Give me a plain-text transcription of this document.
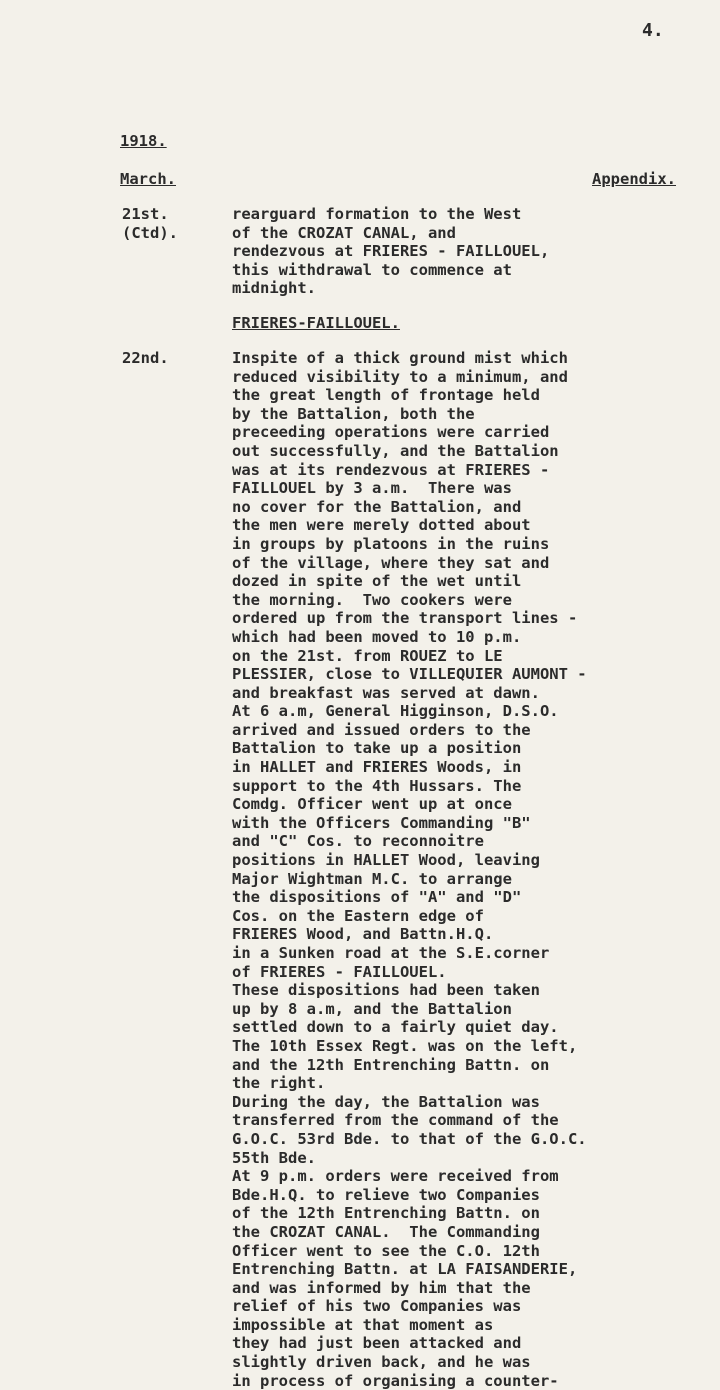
4.
1918.
March.	Appendix.
21st.
(Ctd).
rearguard formation to the West
of the CROZAT CANAL, and
rendezvous at FRIERES - FAILLOUEL,
this withdrawal to commence at
midnight.
FRIERES-FAILLOUEL.
22nd.	Inspite of a thick ground mist which
reduced visibility to a minimum, and
the great length of frontage held
by the Battalion, both the
preceeding operations were carried
out successfully, and the Battalion
was at its rendezvous at FRIERES -
FAILLOUEL by 3 a.m.  There was
no cover for the Battalion, and
the men were merely dotted about
in groups by platoons in the ruins
of the village, where they sat and
dozed in spite of the wet until
the morning.  Two cookers were
ordered up from the transport lines -
which had been moved to 10 p.m.
on the 21st. from ROUEZ to LE
PLESSIER, close to VILLEQUIER AUMONT -
and breakfast was served at dawn.
At 6 a.m, General Higginson, D.S.O.
arrived and issued orders to the
Battalion to take up a position
in HALLET and FRIERES Woods, in
support to the 4th Hussars. The
Comdg. Officer went up at once
with the Officers Commanding "B"
and "C" Cos. to reconnoitre
positions in HALLET Wood, leaving
Major Wightman M.C. to arrange
the dispositions of "A" and "D"
Cos. on the Eastern edge of
FRIERES Wood, and Battn.H.Q.
in a Sunken road at the S.E.corner
of FRIERES - FAILLOUEL.
These dispositions had been taken
up by 8 a.m, and the Battalion
settled down to a fairly quiet day.
The 10th Essex Regt. was on the left,
and the 12th Entrenching Battn. on
the right.
During the day, the Battalion was
transferred from the command of the
G.O.C. 53rd Bde. to that of the G.O.C.
55th Bde.
At 9 p.m. orders were received from
Bde.H.Q. to relieve two Companies
of the 12th Entrenching Battn. on
the CROZAT CANAL.  The Commanding
Officer went to see the C.O. 12th
Entrenching Battn. at LA FAISANDERIE,
and was informed by him that the
relief of his two Companies was
impossible at that moment as
they had just been attacked and
slightly driven back, and he was
in process of organising a counter-
